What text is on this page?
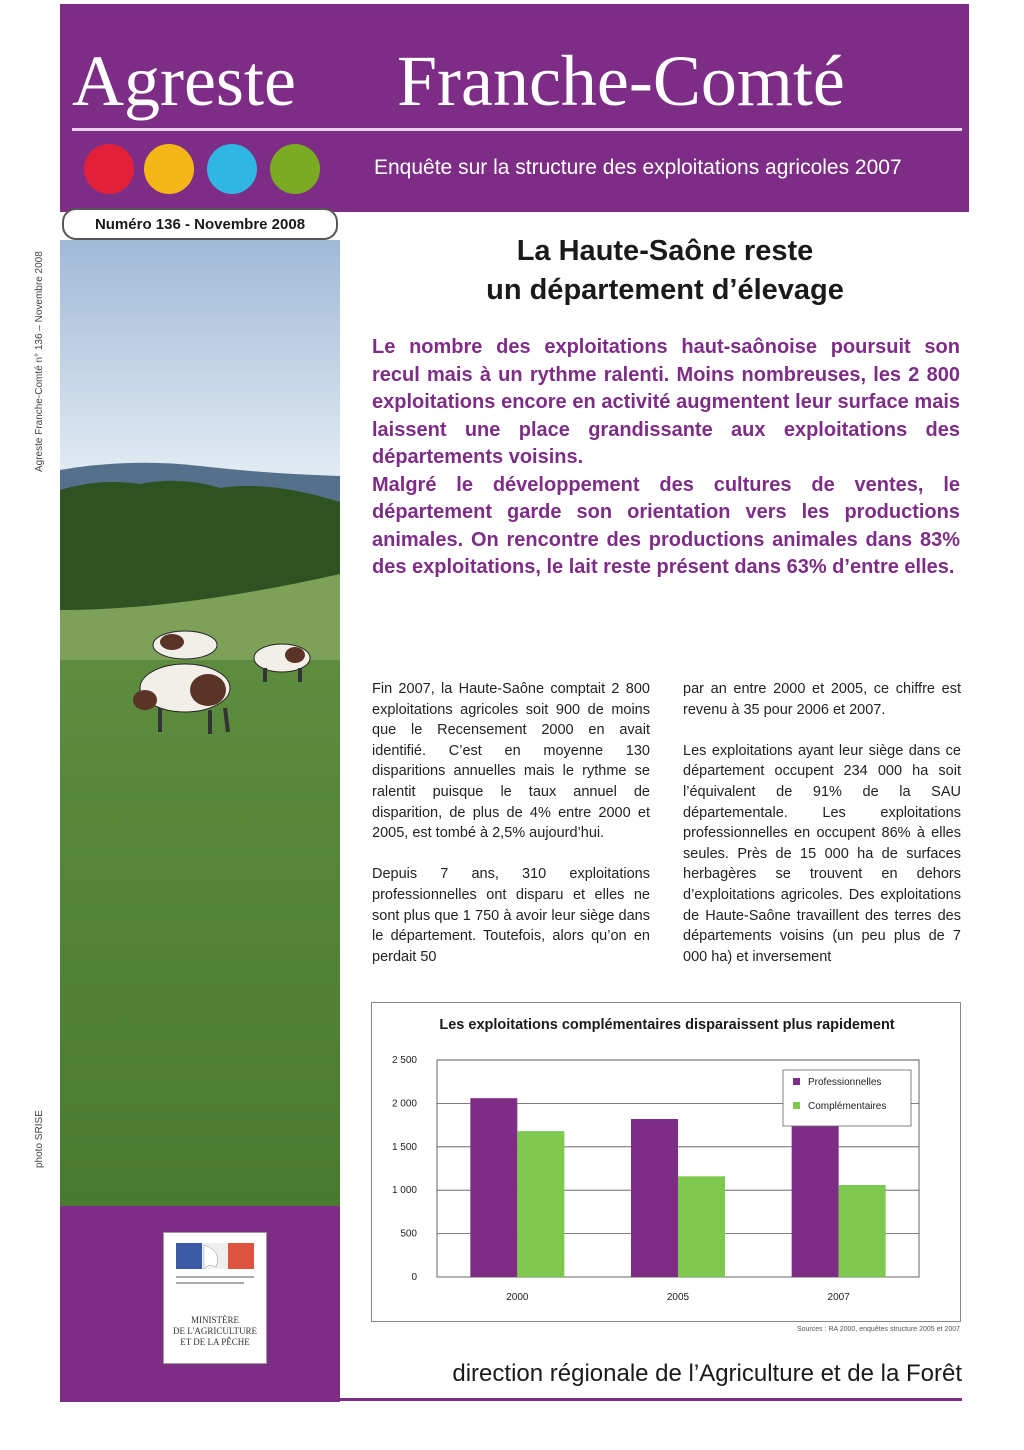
Agreste Franche-Comté
Enquête sur la structure des exploitations agricoles 2007
Agreste Franche-Comté n° 136 – Novembre 2008
photo SRISE
Numéro 136 - Novembre 2008
MINISTÈRE
DE L'AGRICULTURE
ET DE LA PÊCHE
La Haute-Saône reste
un département d’élevage

Le nombre des exploitations haut-saônoise poursuit son recul mais à un rythme ralenti. Moins nombreuses, les 2 800 exploitations encore en activité augmentent leur surface mais laissent une place grandissante aux exploitations des départements voisins.

Malgré le développement des cultures de ventes, le département garde son orientation vers les productions animales. On rencontre des productions animales dans 83% des exploitations, le lait reste présent dans 63% d’entre elles.

Fin 2007, la Haute-Saône comptait 2 800 exploitations agricoles soit 900 de moins que le Recensement 2000 en avait identifié. C’est en moyenne 130 disparitions annuelles mais le rythme se ralentit puisque le taux annuel de disparition, de plus de 4% entre 2000 et 2005, est tombé à 2,5% aujourd’hui.

Depuis 7 ans, 310 exploitations professionnelles ont disparu et elles ne sont plus que 1 750 à avoir leur siège dans le département. Toutefois, alors qu’on en perdait 50

par an entre 2000 et 2005, ce chiffre est revenu à 35 pour 2006 et 2007.

Les exploitations ayant leur siège dans ce département occupent 234 000 ha soit l’équivalent de 91% de la SAU départementale. Les exploitations professionnelles en occupent 86% à elles seules. Près de 15 000 ha de surfaces herbagères se trouvent en dehors d’exploitations agricoles. Des exploitations de Haute-Saône travaillent des terres des départements voisins (un peu plus de 7 000 ha) et inversement

Les exploitations complémentaires disparaissent plus rapidement
0
500
1 000
1 500
2 000
2 500
2000	2005	2007
Professionnelles
Complémentaires
Sources : RA 2000, enquêtes structure 2005 et 2007
direction régionale de l’Agriculture et de la Forêt
